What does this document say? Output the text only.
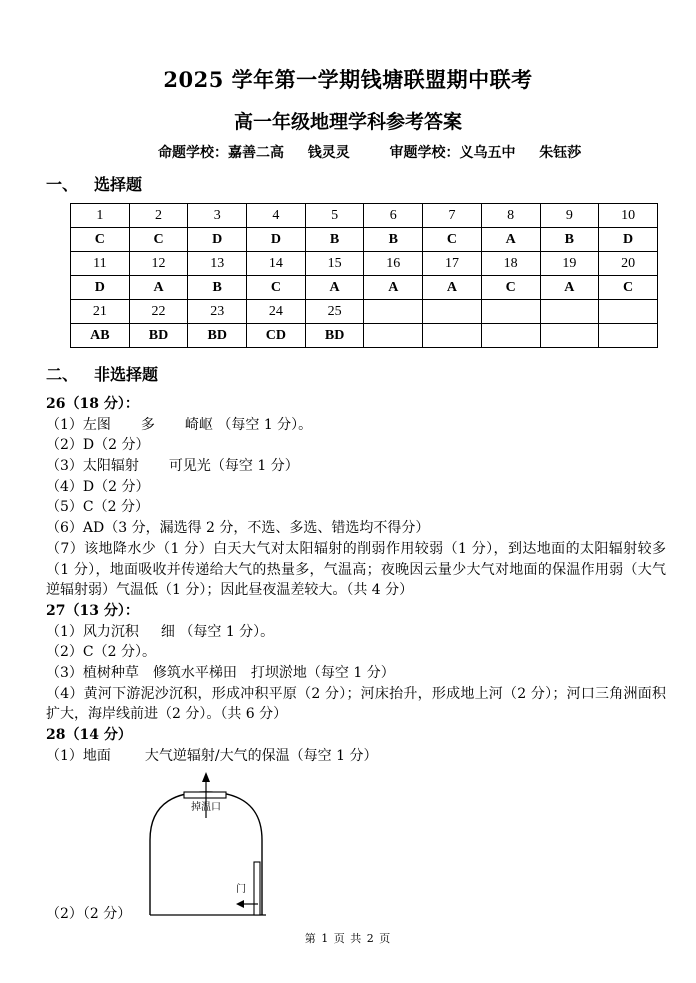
2025 学年第一学期钱塘联盟期中联考
高一年级地理学科参考答案
命题学校：嘉善二高 钱灵灵	审题学校：义乌五中 朱钰莎
一、 选择题
1	2	3	4	5	6	7	8	9	10
C	C	D	D	B	B	C	A	B	D
11	12	13	14	15	16	17	18	19	20
D	A	B	C	A	A	A	C	A	C
21	22	23	24	25					
AB	BD	BD	CD	BD					
二、 非选择题
26（18 分）：
（1）左图 多 崎岖 （每空 1 分）。
（2）D（2 分）
（3）太阳辐射 可见光（每空 1 分）
（4）D（2 分）
（5）C（2 分）
（6）AD（3 分，漏选得 2 分，不选、多选、错选均不得分）
（7）该地降水少（1 分）白天大气对太阳辐射的削弱作用较弱（1 分），到达地面的太阳辐射较多（1 分），地面吸收并传递给大气的热量多，气温高；夜晚因云量少大气对地面的保温作用弱（大气逆辐射弱）气温低（1 分）；因此昼夜温差较大。（共 4 分）
27（13 分）：
（1）风力沉积 细 （每空 1 分）。
（2）C（2 分）。
（3）植树种草 修筑水平梯田 打坝淤地（每空 1 分）
（4）黄河下游泥沙沉积，形成冲积平原（2 分）；河床抬升，形成地上河（2 分）；河口三角洲面积扩大，海岸线前进（2 分）。（共 6 分）
28（14 分）
（1）地面 大气逆辐射/大气的保温（每空 1 分）
掉温口
门
（2）（2 分）
第 1 页 共 2 页
